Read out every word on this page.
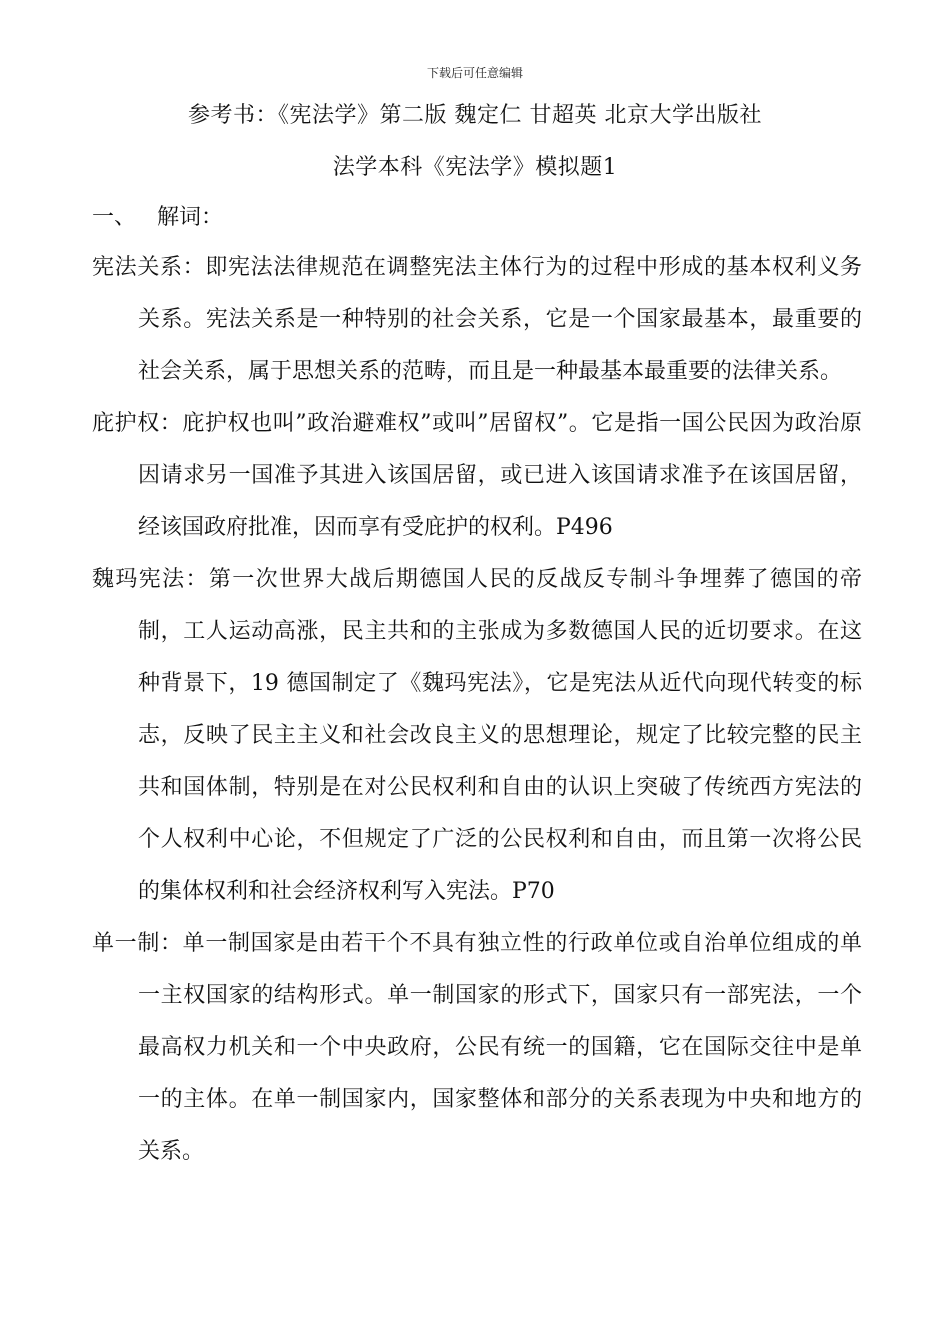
下载后可任意编辑
参考书：《宪法学》第二版 魏定仁 甘超英 北京大学出版社
法学本科《宪法学》模拟题1
一、 解词：
宪法关系：即宪法法律规范在调整宪法主体行为的过程中形成的基本权利义务关系。宪法关系是一种特别的社会关系，它是一个国家最基本，最重要的社会关系，属于思想关系的范畴，而且是一种最基本最重要的法律关系。
庇护权：庇护权也叫”政治避难权”或叫”居留权”。它是指一国公民因为政治原因请求另一国准予其进入该国居留，或已进入该国请求准予在该国居留，经该国政府批准，因而享有受庇护的权利。P496
魏玛宪法：第一次世界大战后期德国人民的反战反专制斗争埋葬了德国的帝制，工人运动高涨，民主共和的主张成为多数德国人民的近切要求。在这种背景下，19 德国制定了《魏玛宪法》，它是宪法从近代向现代转变的标志，反映了民主主义和社会改良主义的思想理论，规定了比较完整的民主共和国体制，特别是在对公民权利和自由的认识上突破了传统西方宪法的个人权利中心论，不但规定了广泛的公民权利和自由，而且第一次将公民的集体权利和社会经济权利写入宪法。P70
单一制：单一制国家是由若干个不具有独立性的行政单位或自治单位组成的单一主权国家的结构形式。单一制国家的形式下，国家只有一部宪法，一个最高权力机关和一个中央政府，公民有统一的国籍，它在国际交往中是单一的主体。在单一制国家内，国家整体和部分的关系表现为中央和地方的关系。
